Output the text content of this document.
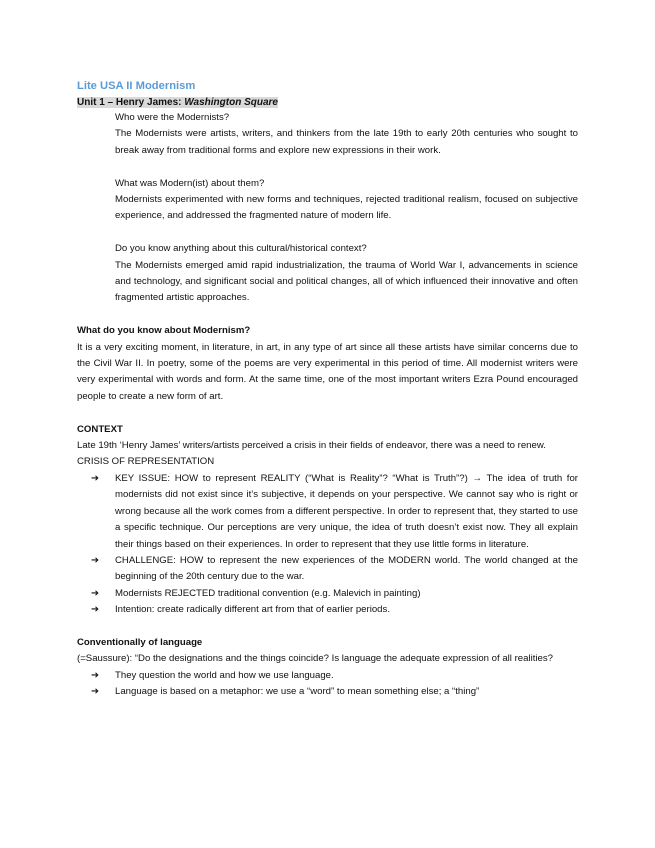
Lite USA II Modernism

Unit 1 – Henry James: Washington Square

Who were the Modernists?

The Modernists were artists, writers, and thinkers from the late 19th to early 20th centuries who sought to break away from traditional forms and explore new expressions in their work.

What was Modern(ist) about them?

Modernists experimented with new forms and techniques, rejected traditional realism, focused on subjective experience, and addressed the fragmented nature of modern life.

Do you know anything about this cultural/historical context?

The Modernists emerged amid rapid industrialization, the trauma of World War I, advancements in science and technology, and significant social and political changes, all of which influenced their innovative and often fragmented artistic approaches.

What do you know about Modernism?

It is a very exciting moment, in literature, in art, in any type of art since all these artists have similar concerns due to the Civil War II. In poetry, some of the poems are very experimental in this period of time. All modernist writers were very experimental with words and form. At the same time, one of the most important writers Ezra Pound encouraged people to create a new form of art.

CONTEXT

Late 19th ‘Henry James’ writers/artists perceived a crisis in their fields of endeavor, there was a need to renew.

CRISIS OF REPRESENTATION

➔ KEY ISSUE: HOW to represent REALITY (“What is Reality”? “What is Truth”?) → The idea of truth for modernists did not exist since it’s subjective, it depends on your perspective. We cannot say who is right or wrong because all the work comes from a different perspective. In order to represent that, they started to use a specific technique. Our perceptions are very unique, the idea of truth doesn’t exist now. They all explain their things based on their experiences. In order to represent that they use little forms in literature.
➔ CHALLENGE: HOW to represent the new experiences of the MODERN world. The world changed at the beginning of the 20th century due to the war.
➔ Modernists REJECTED traditional convention (e.g. Malevich in painting)
➔ Intention: create radically different art from that of earlier periods.

Conventionally of language

(=Saussure): “Do the designations and the things coincide? Is language the adequate expression of all realities?

➔ They question the world and how we use language.
➔ Language is based on a metaphor: we use a “word” to mean something else; a “thing”
